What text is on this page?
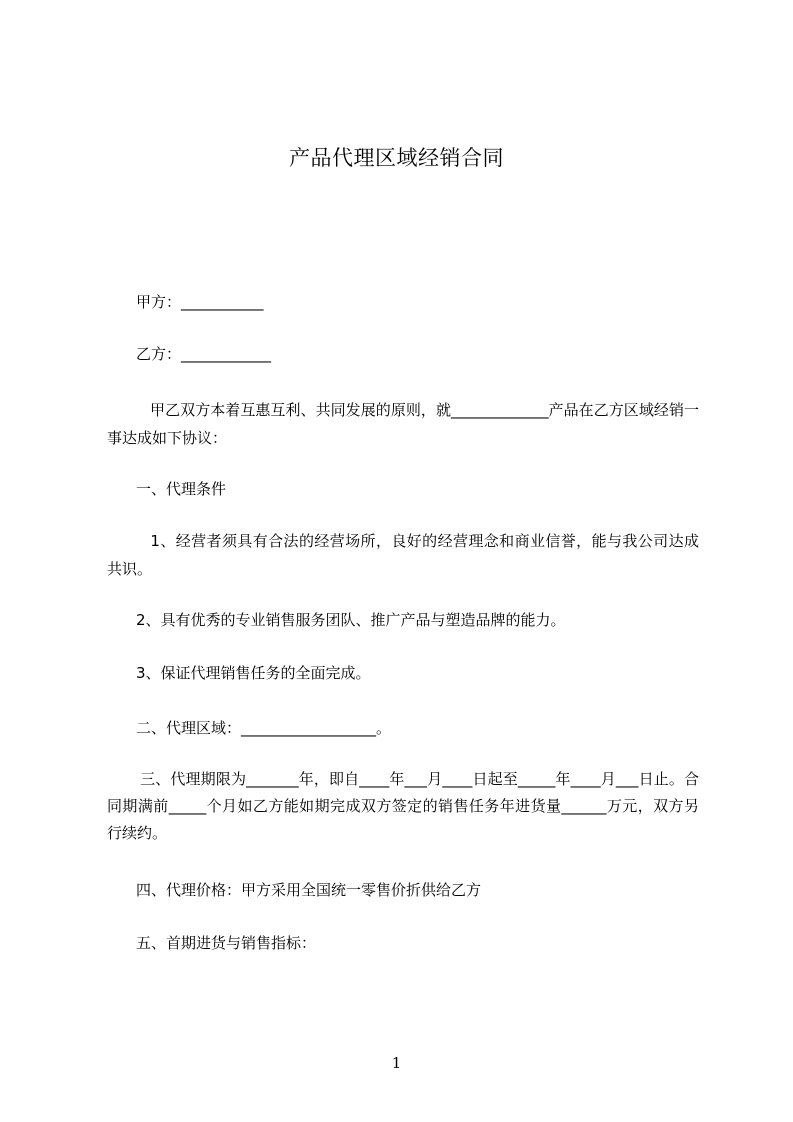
产品代理区域经销合同
甲方：___________
乙方：____________
　甲乙双方本着互惠互利、共同发展的原则，就_____________产品在乙方区域经销一事达成如下协议：
一、代理条件
　1、经营者须具有合法的经营场所，良好的经营理念和商业信誉，能与我公司达成共识。
2、具有优秀的专业销售服务团队、推广产品与塑造品牌的能力。
3、保证代理销售任务的全面完成。
二、代理区域：__________________。
　三、代理期限为_______年，即自____年___月____日起至_____年____月___日止。合同期满前_____个月如乙方能如期完成双方签定的销售任务年进货量______万元，双方另行续约。
四、代理价格：甲方采用全国统一零售价折供给乙方
五、首期进货与销售指标：
1
